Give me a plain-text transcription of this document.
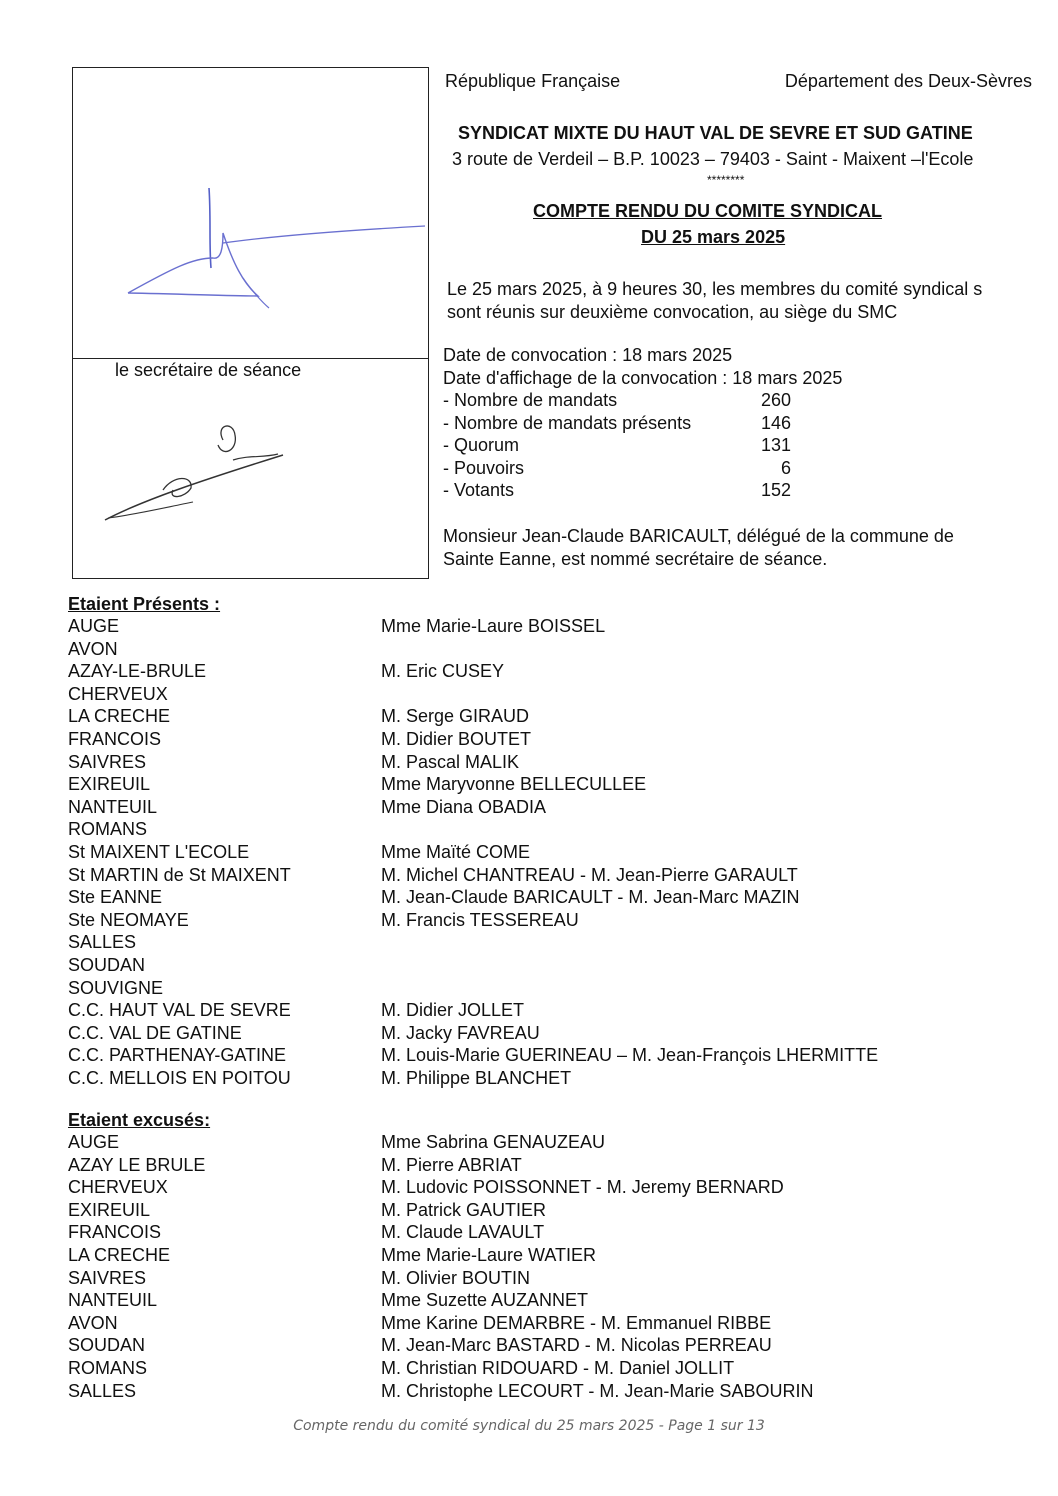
le secrétaire de séance
République Française	Département des Deux-Sèvres
SYNDICAT MIXTE DU HAUT VAL DE SEVRE ET SUD GATINE
3 route de Verdeil – B.P. 10023 – 79403 - Saint - Maixent –l'Ecole
********
COMPTE RENDU DU COMITE SYNDICAL
DU 25 mars 2025
Le 25 mars 2025, à 9 heures 30, les membres du comité syndical s
sont réunis sur deuxième convocation, au siège du SMC
Date de convocation : 18 mars 2025
Date d'affichage de la convocation : 18 mars 2025
- Nombre de mandats	260
- Nombre de mandats présents	146
- Quorum	131
- Pouvoirs	6
- Votants	152
Monsieur Jean-Claude BARICAULT, délégué de la commune de
Sainte Eanne, est nommé secrétaire de séance.
Etaient Présents :
AUGE	Mme Marie-Laure BOISSEL
AVON
AZAY-LE-BRULE	M. Eric CUSEY
CHERVEUX
LA CRECHE	M. Serge GIRAUD
FRANCOIS	M. Didier BOUTET
SAIVRES	M. Pascal MALIK
EXIREUIL	Mme Maryvonne BELLECULLEE
NANTEUIL	Mme Diana OBADIA
ROMANS
St MAIXENT L'ECOLE	Mme Maïté COME
St MARTIN de St MAIXENT	M. Michel CHANTREAU - M. Jean-Pierre GARAULT
Ste EANNE	M. Jean-Claude BARICAULT - M. Jean-Marc MAZIN
Ste NEOMAYE	M. Francis TESSEREAU
SALLES
SOUDAN
SOUVIGNE
C.C. HAUT VAL DE SEVRE	M. Didier JOLLET
C.C. VAL DE GATINE	M. Jacky FAVREAU
C.C. PARTHENAY-GATINE	M. Louis-Marie GUERINEAU – M. Jean-François LHERMITTE
C.C. MELLOIS EN POITOU	M. Philippe BLANCHET
Etaient excusés:
AUGE	Mme Sabrina GENAUZEAU
AZAY LE BRULE	M. Pierre ABRIAT
CHERVEUX	M. Ludovic POISSONNET - M. Jeremy BERNARD
EXIREUIL	M. Patrick GAUTIER
FRANCOIS	M. Claude LAVAULT
LA CRECHE	Mme Marie-Laure WATIER
SAIVRES	M. Olivier BOUTIN
NANTEUIL	Mme Suzette AUZANNET
AVON	Mme Karine DEMARBRE - M. Emmanuel RIBBE
SOUDAN	M. Jean-Marc BASTARD - M. Nicolas PERREAU
ROMANS	M. Christian RIDOUARD - M. Daniel JOLLIT
SALLES	M. Christophe LECOURT - M. Jean-Marie SABOURIN
Compte rendu du comité syndical du 25 mars 2025 - Page 1 sur 13
